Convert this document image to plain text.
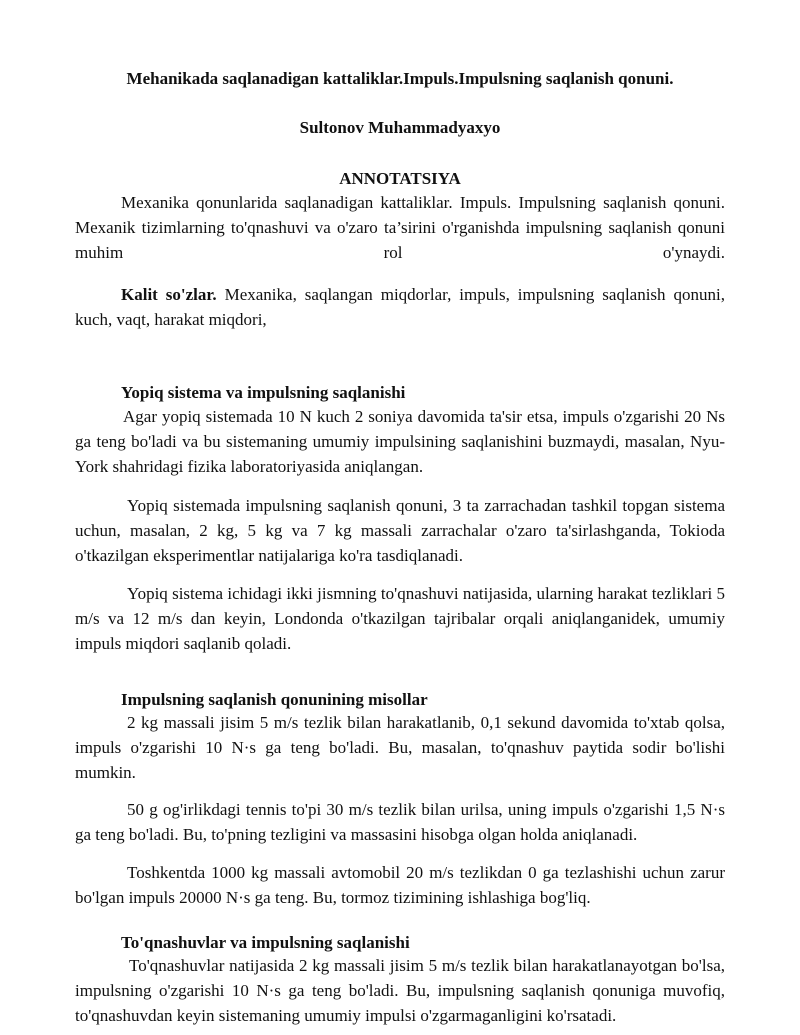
Mehanikada saqlanadigan kattaliklar.Impuls.Impulsning saqlanish qonuni.
Sultonov Muhammadyaxyo
ANNOTATSIYA
Mexanika qonunlarida saqlanadigan kattaliklar. Impuls. Impulsning saqlanish qonuni. Mexanik tizimlarning to'qnashuvi va o'zaro ta’sirini o'rganishda impulsning saqlanish qonuni muhim rol o'ynaydi.
Kalit so'zlar. Mexanika, saqlangan miqdorlar, impuls, impulsning saqlanish qonuni, kuch, vaqt, harakat miqdori,
Yopiq sistema va impulsning saqlanishi
Agar yopiq sistemada 10 N kuch 2 soniya davomida ta'sir etsa, impuls o'zgarishi 20 Ns ga teng bo'ladi va bu sistemaning umumiy impulsining saqlanishini buzmaydi, masalan, Nyu-York shahridagi fizika laboratoriyasida aniqlangan.
Yopiq sistemada impulsning saqlanish qonuni, 3 ta zarrachadan tashkil topgan sistema uchun, masalan, 2 kg, 5 kg va 7 kg massali zarrachalar o'zaro ta'sirlashganda, Tokioda o'tkazilgan eksperimentlar natijalariga ko'ra tasdiqlanadi.
Yopiq sistema ichidagi ikki jismning to'qnashuvi natijasida, ularning harakat tezliklari 5 m/s va 12 m/s dan keyin, Londonda o'tkazilgan tajribalar orqali aniqlanganidek, umumiy impuls miqdori saqlanib qoladi.
Impulsning saqlanish qonunining misollar
2 kg massali jisim 5 m/s tezlik bilan harakatlanib, 0,1 sekund davomida to'xtab qolsa, impuls o'zgarishi 10 N·s ga teng bo'ladi. Bu, masalan, to'qnashuv paytida sodir bo'lishi mumkin.
50 g og'irlikdagi tennis to'pi 30 m/s tezlik bilan urilsa, uning impuls o'zgarishi 1,5 N·s ga teng bo'ladi. Bu, to'pning tezligini va massasini hisobga olgan holda aniqlanadi.
Toshkentda 1000 kg massali avtomobil 20 m/s tezlikdan 0 ga tezlashishi uchun zarur bo'lgan impuls 20000 N·s ga teng. Bu, tormoz tizimining ishlashiga bog'liq.
To'qnashuvlar va impulsning saqlanishi
To'qnashuvlar natijasida 2 kg massali jisim 5 m/s tezlik bilan harakatlanayotgan bo'lsa, impulsning o'zgarishi 10 N·s ga teng bo'ladi. Bu, impulsning saqlanish qonuniga muvofiq, to'qnashuvdan keyin sistemaning umumiy impulsi o'zgarmaganligini ko'rsatadi.
